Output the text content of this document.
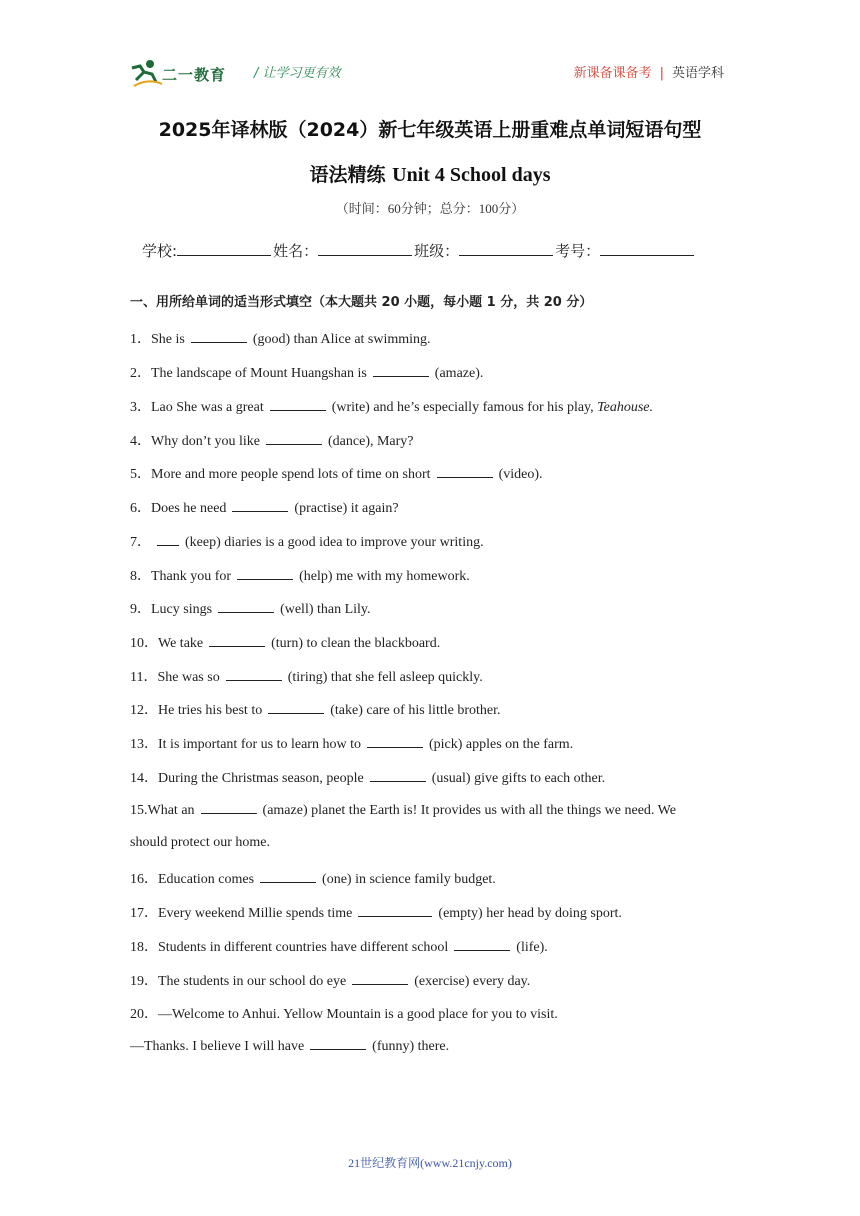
二一教育 / 让学习更有效	新课备课备考 | 英语学科
2025年译林版（2024）新七年级英语上册重难点单词短语句型
语法精练 Unit 4 School days
（时间：60分钟；总分：100分）
学校:	姓名：	班级：	考号：
一、用所给单词的适当形式填空（本大题共 20 小题，每小题 1 分，共 20 分）
1．She is	(good) than Alice at swimming.
2．The landscape of Mount Huangshan is	(amaze).
3．Lao She was a great	(write) and he’s especially famous for his play, Teahouse.
4．Why don’t you like	(dance), Mary?
5．More and more people spend lots of time on short	(video).
6．Does he need	(practise) it again?
7． (keep) diaries is a good idea to improve your writing.
8．Thank you for	(help) me with my homework.
9．Lucy sings	(well) than Lily.
10．We take	(turn) to clean the blackboard.
11．She was so	(tiring) that she fell asleep quickly.
12．He tries his best to	(take) care of his little brother.
13．It is important for us to learn how to	(pick) apples on the farm.
14．During the Christmas season, people	(usual) give gifts to each other.
15.What an	(amaze) planet the Earth is! It provides us with all the things we need. We
should protect our home.
16．Education comes	(one) in science family budget.
17．Every weekend Millie spends time	(empty) her head by doing sport.
18．Students in different countries have different school	(life).
19．The students in our school do eye	(exercise) every day.
20．—Welcome to Anhui. Yellow Mountain is a good place for you to visit.
—Thanks. I believe I will have	(funny) there.
21世纪教育网(www.21cnjy.com)
